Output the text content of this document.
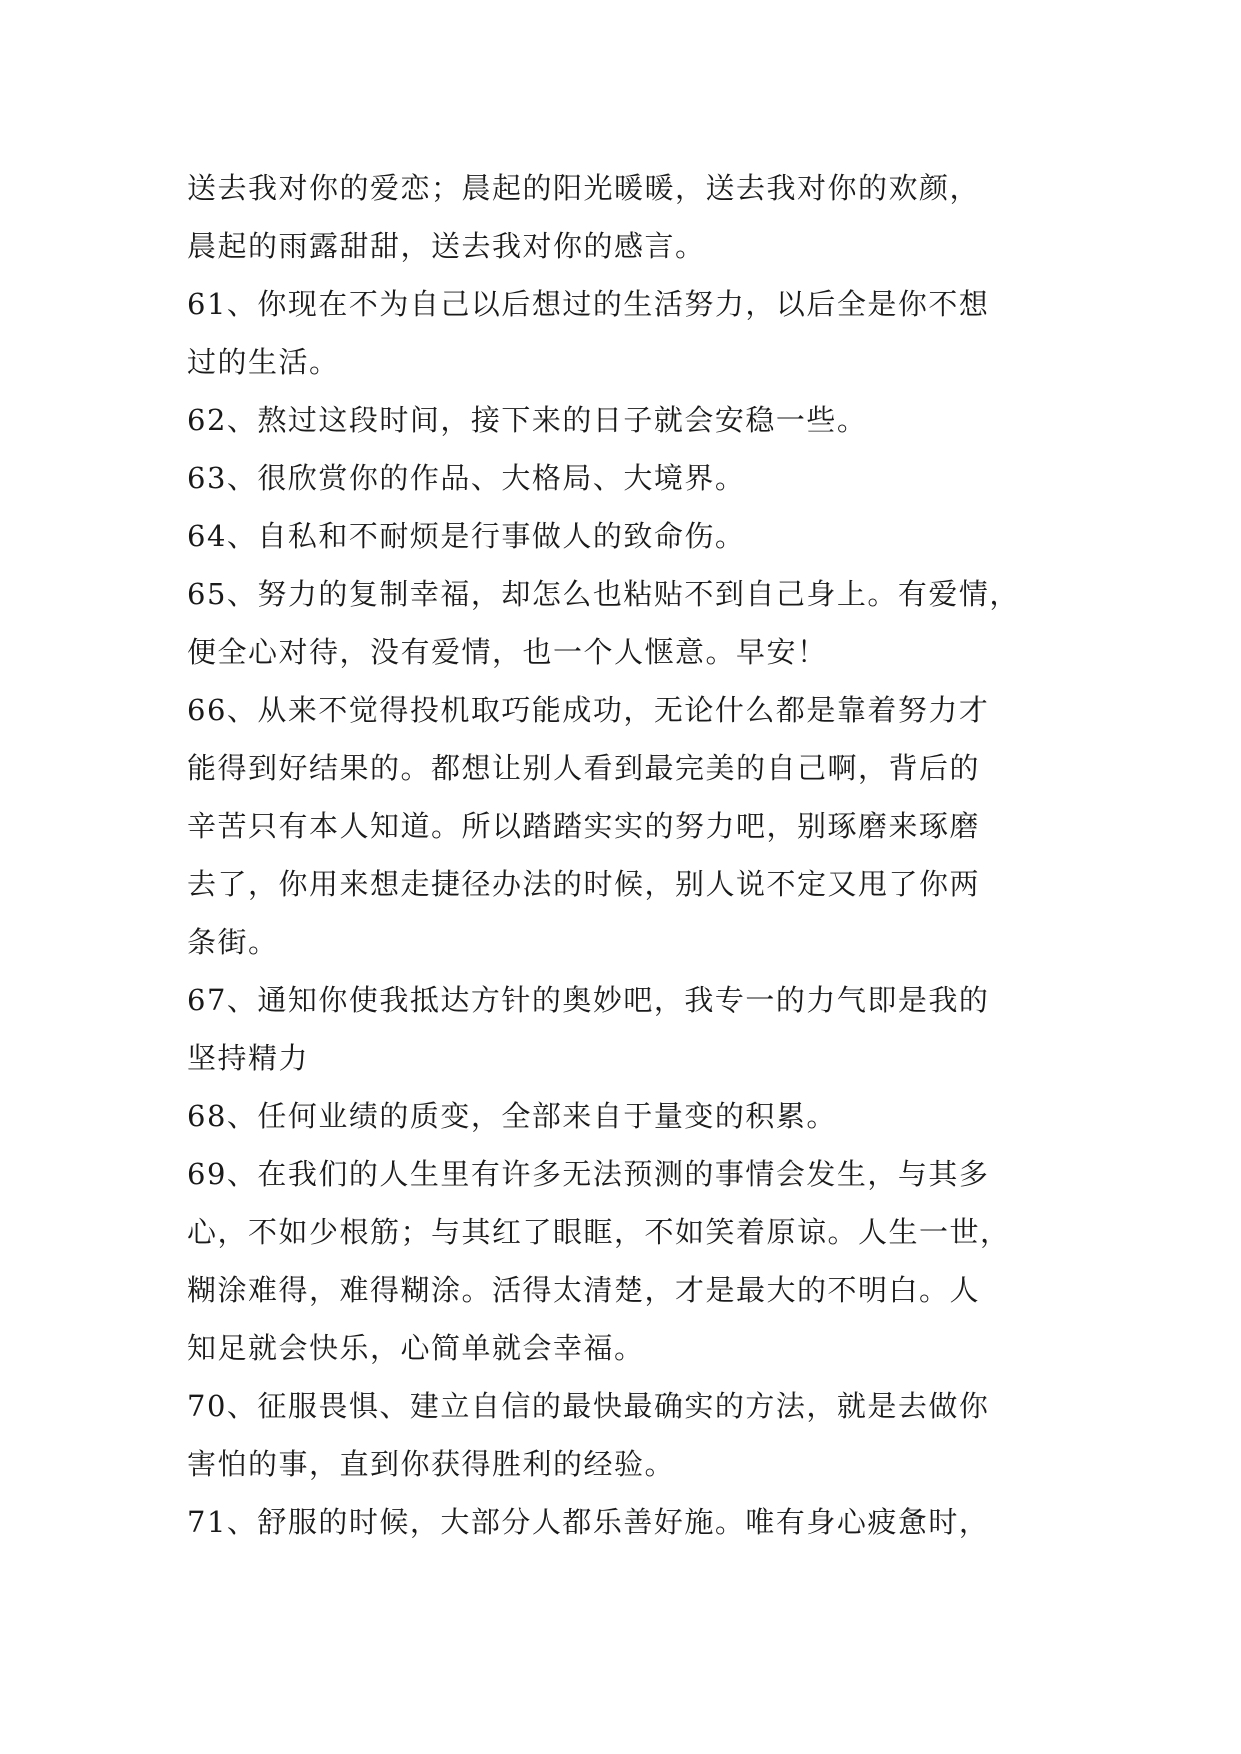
送去我对你的爱恋；晨起的阳光暖暖，送去我对你的欢颜，
晨起的雨露甜甜，送去我对你的感言。
61、你现在不为自己以后想过的生活努力，以后全是你不想
过的生活。
62、熬过这段时间，接下来的日子就会安稳一些。
63、很欣赏你的作品、大格局、大境界。
64、自私和不耐烦是行事做人的致命伤。
65、努力的复制幸福，却怎么也粘贴不到自己身上。有爱情，
便全心对待，没有爱情，也一个人惬意。早安！
66、从来不觉得投机取巧能成功，无论什么都是靠着努力才
能得到好结果的。都想让别人看到最完美的自己啊，背后的
辛苦只有本人知道。所以踏踏实实的努力吧，别琢磨来琢磨
去了，你用来想走捷径办法的时候，别人说不定又甩了你两
条街。
67、通知你使我抵达方针的奥妙吧，我专一的力气即是我的
坚持精力
68、任何业绩的质变，全部来自于量变的积累。
69、在我们的人生里有许多无法预测的事情会发生，与其多
心，不如少根筋；与其红了眼眶，不如笑着原谅。人生一世，
糊涂难得，难得糊涂。活得太清楚，才是最大的不明白。人
知足就会快乐，心简单就会幸福。
70、征服畏惧、建立自信的最快最确实的方法，就是去做你
害怕的事，直到你获得胜利的经验。
71、舒服的时候，大部分人都乐善好施。唯有身心疲惫时，
